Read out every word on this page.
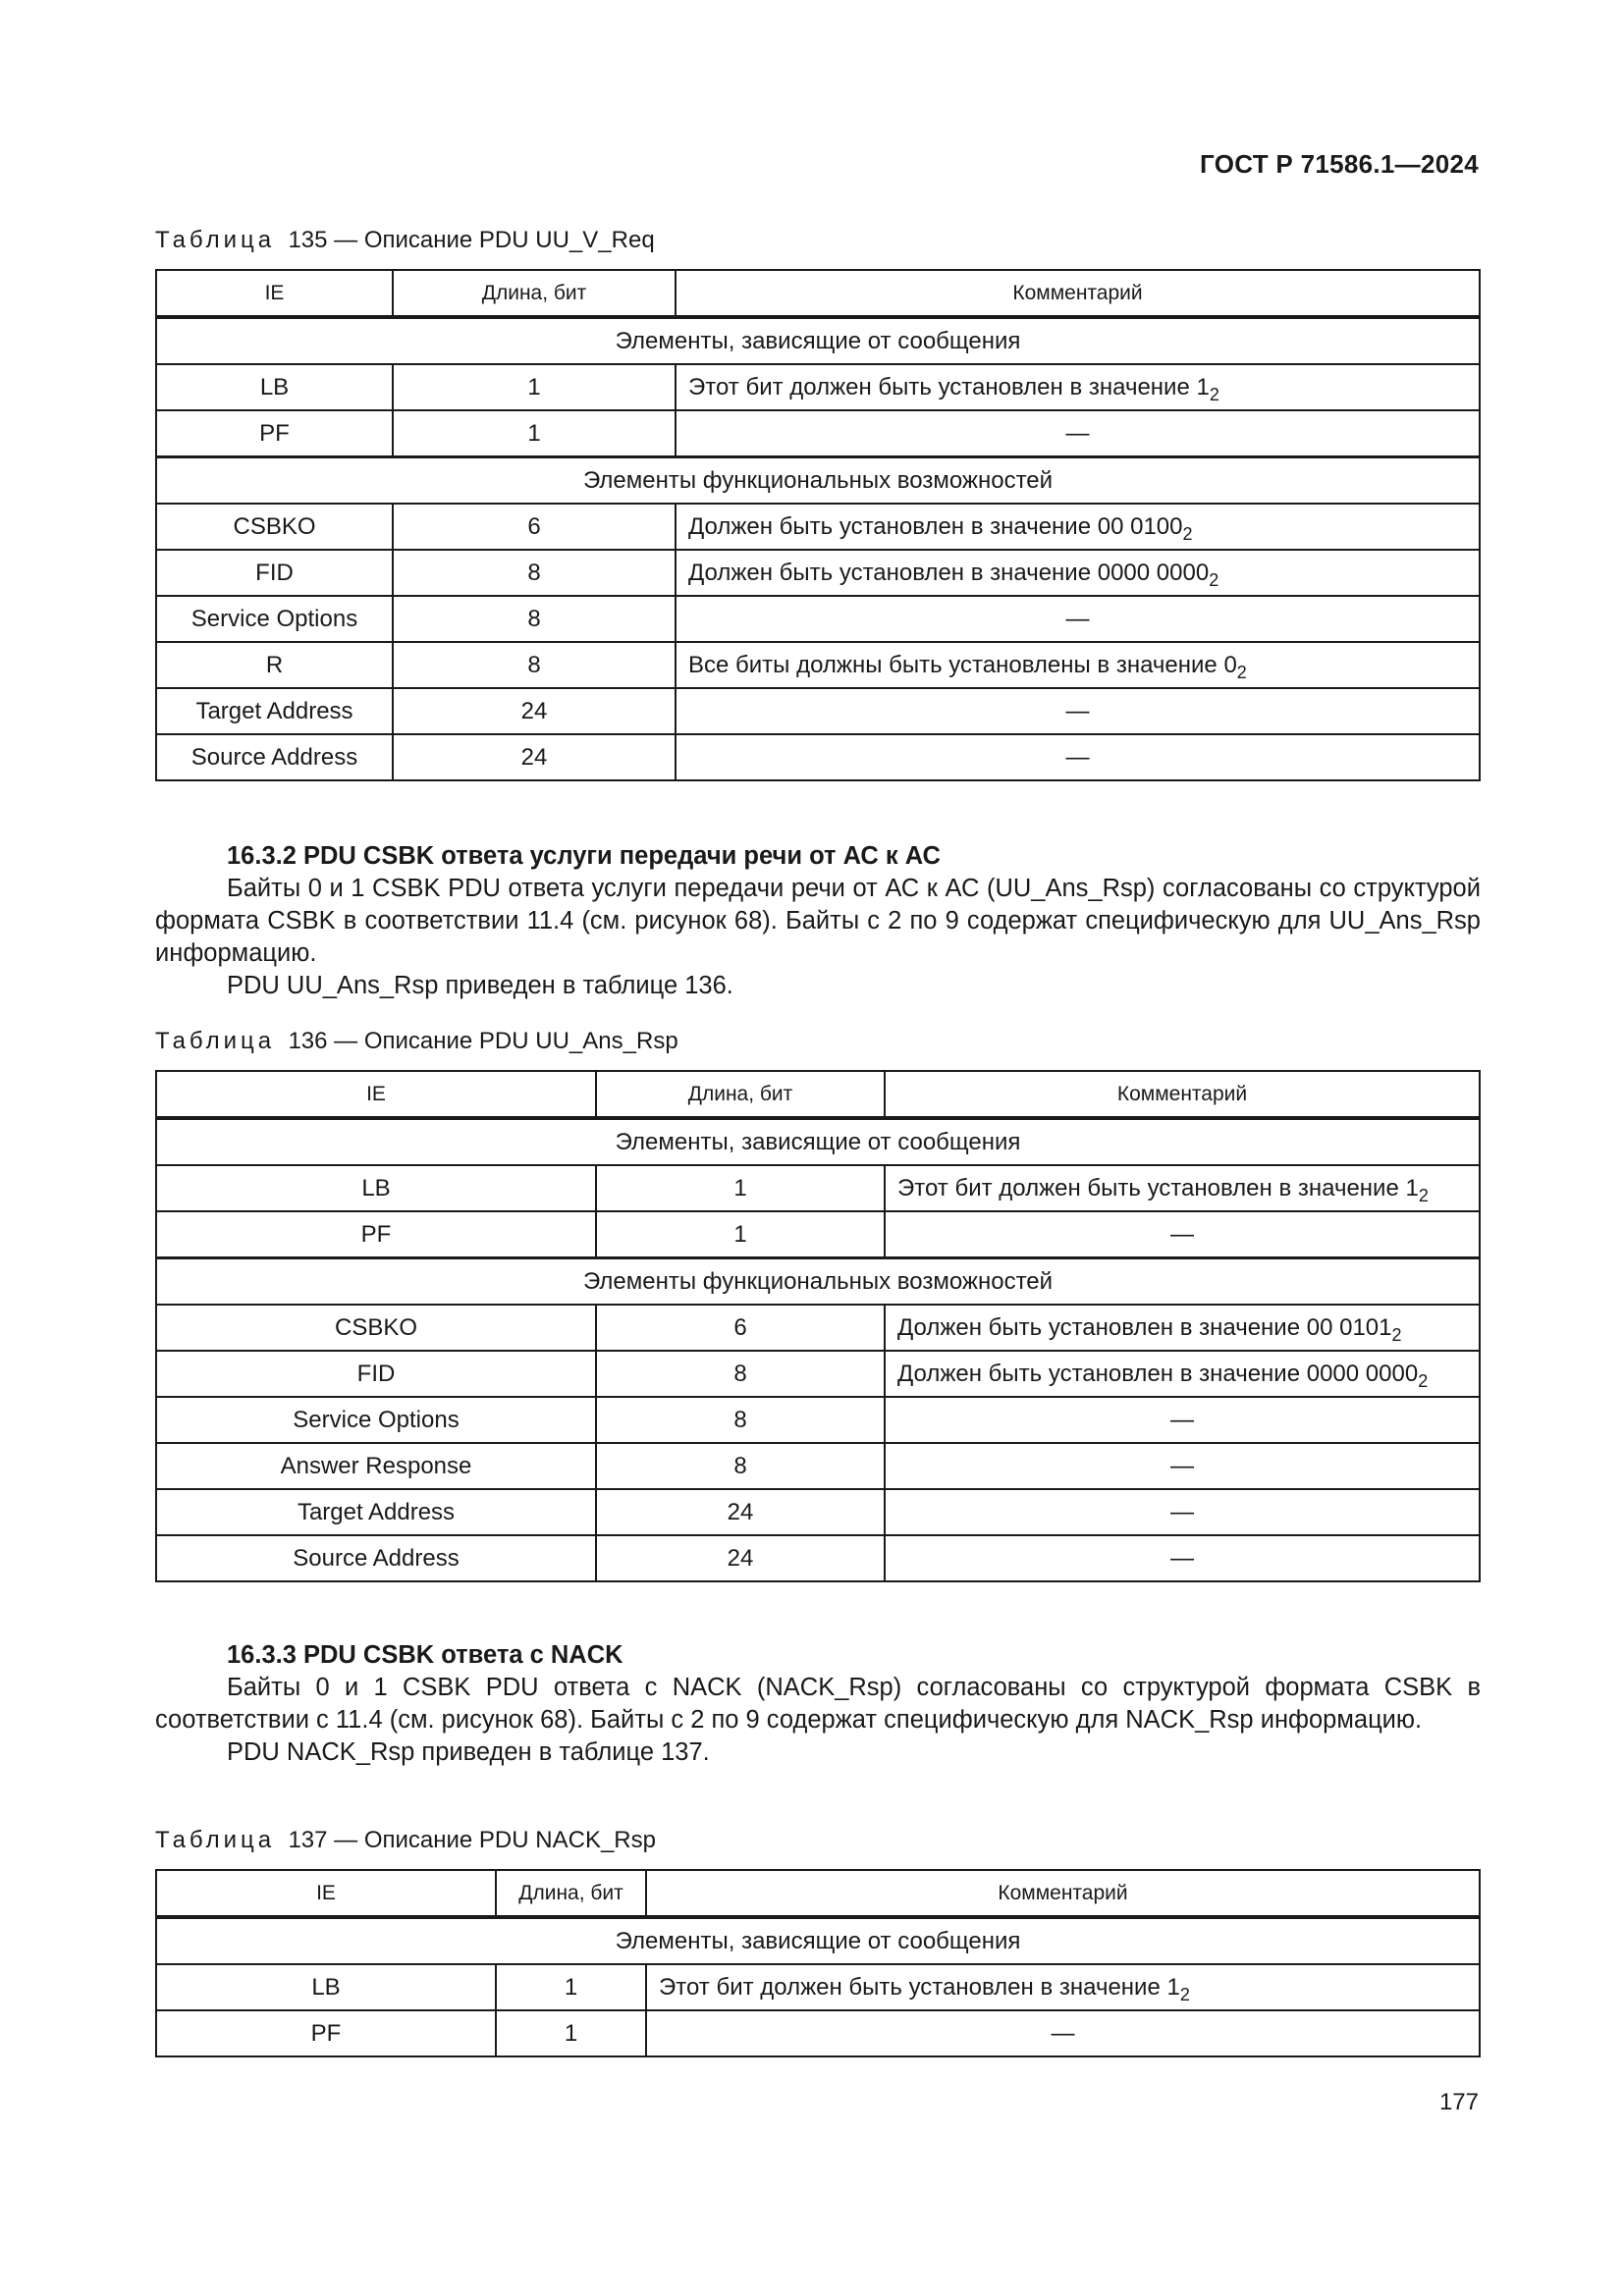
ГОСТ Р 71586.1—2024

Таблица 135 — Описание PDU UU_V_Req

IE	Длина, бит	Комментарий
Элементы, зависящие от сообщения		
LB	1	Этот бит должен быть установлен в значение $1_2$
PF	1	—
Элементы функциональных возможностей		
CSBKO	6	Должен быть установлен в значение 00 $0100_2$
FID	8	Должен быть установлен в значение 0000 $0000_2$
Service Options	8	—
R	8	Все биты должны быть установлены в значение $0_2$
Target Address	24	—
Source Address	24	—

16.3.2 PDU CSBK ответа услуги передачи речи от АС к АС

Байты 0 и 1 CSBK PDU ответа услуги передачи речи от АС к АС (UU_Ans_Rsp) согласованы со структурой формата CSBK в соответствии 11.4 (см. рисунок 68). Байты с 2 по 9 содержат специфическую для UU_Ans_Rsp информацию.

PDU UU_Ans_Rsp приведен в таблице 136.

Таблица 136 — Описание PDU UU_Ans_Rsp

IE	Длина, бит	Комментарий
Элементы, зависящие от сообщения		
LB	1	Этот бит должен быть установлен в значение $1_2$
PF	1	—
Элементы функциональных возможностей		
CSBKO	6	Должен быть установлен в значение 00 $0101_2$
FID	8	Должен быть установлен в значение 0000 $0000_2$
Service Options	8	—
Answer Response	8	—
Target Address	24	—
Source Address	24	—

16.3.3 PDU CSBK ответа с NACK

Байты 0 и 1 CSBK PDU ответа с NACK (NACK_Rsp) согласованы со структурой формата CSBK в соответствии с 11.4 (см. рисунок 68). Байты с 2 по 9 содержат специфическую для NACK_Rsp информацию.

PDU NACK_Rsp приведен в таблице 137.

Таблица 137 — Описание PDU NACK_Rsp

IE	Длина, бит	Комментарий
Элементы, зависящие от сообщения		
LB	1	Этот бит должен быть установлен в значение $1_2$
PF	1	—
177
